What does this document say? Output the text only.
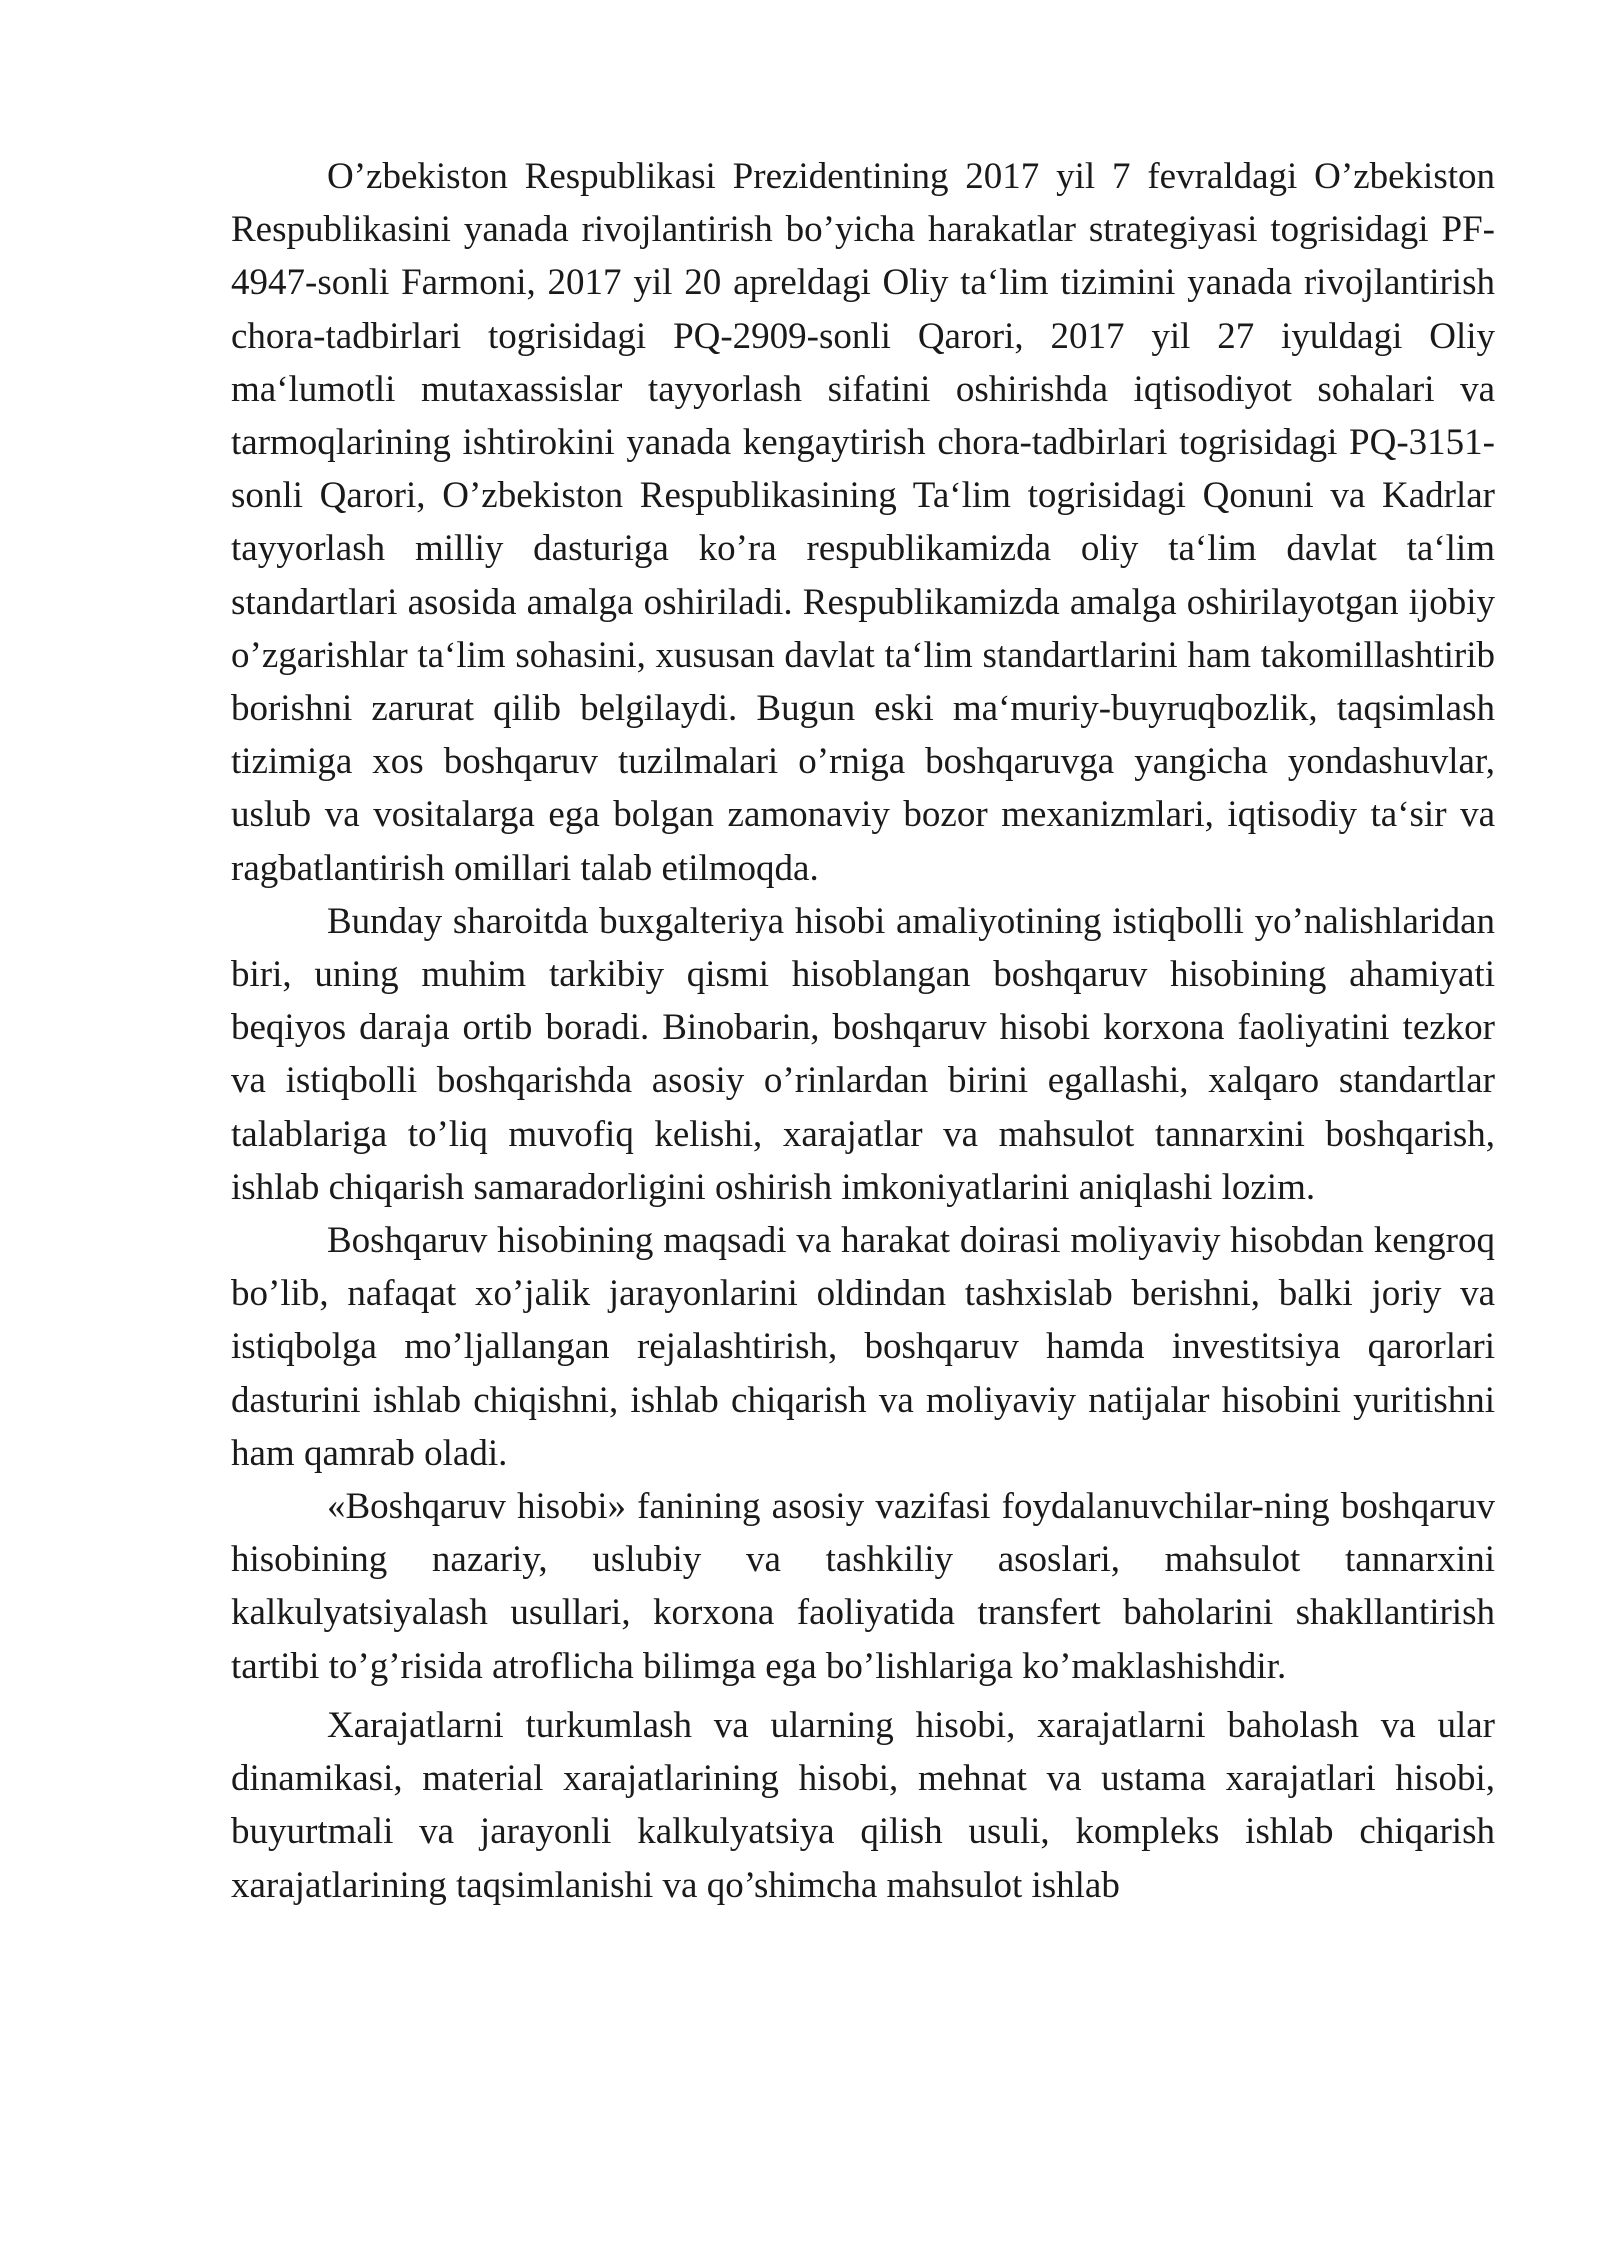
O’zbekiston Respublikasi Prezidentining 2017 yil 7 fevraldagi O’zbekiston Respublikasini yanada rivojlantirish bo’yicha harakatlar strategiyasi togrisidagi PF-4947-sonli Farmoni, 2017 yil 20 apreldagi Oliy ta‘lim tizimini yanada rivojlantirish chora-tadbirlari togrisidagi PQ-2909-sonli Qarori, 2017 yil 27 iyuldagi Oliy ma‘lumotli mutaxassislar tayyorlash sifatini oshirishda iqtisodiyot sohalari va tarmoqlarining ishtirokini yanada kengaytirish chora-tadbirlari togrisidagi PQ-3151-sonli Qarori, O’zbekiston Respublikasining Ta‘lim togrisidagi Qonuni va Kadrlar tayyorlash milliy dasturiga ko’ra respublikamizda oliy ta‘lim davlat ta‘lim standartlari asosida amalga oshiriladi. Respublikamizda amalga oshirilayotgan ijobiy o’zgarishlar ta‘lim sohasini, xususan davlat ta‘lim standartlarini ham takomillashtirib borishni zarurat qilib belgilaydi. Bugun eski ma‘muriy-buyruqbozlik, taqsimlash tizimiga xos boshqaruv tuzilmalari o’rniga boshqaruvga yangicha yondashuvlar, uslub va vositalarga ega bolgan zamonaviy bozor mexanizmlari, iqtisodiy ta‘sir va ragbatlantirish omillari talab etilmoqda.

Bunday sharoitda buxgalteriya hisobi amaliyotining istiqbolli yo’nalishlaridan biri, uning muhim tarkibiy qismi hisoblangan boshqaruv hisobining ahamiyati beqiyos daraja ortib boradi. Binobarin, boshqaruv hisobi korxona faoliyatini tezkor va istiqbolli boshqarishda asosiy o’rinlardan birini egallashi, xalqaro standartlar talablariga to’liq muvofiq kelishi, xarajatlar va mahsulot tannarxini boshqarish, ishlab chiqarish samaradorligini oshirish imkoniyatlarini aniqlashi lozim.

Boshqaruv hisobining maqsadi va harakat doirasi moliyaviy hisobdan kengroq bo’lib, nafaqat xo’jalik jarayonlarini oldindan tashxislab berishni, balki joriy va istiqbolga mo’ljallangan rejalashtirish, boshqaruv hamda investitsiya qarorlari dasturini ishlab chiqishni, ishlab chiqarish va moliyaviy natijalar hisobini yuritishni ham qamrab oladi.

«Boshqaruv hisobi» fanining asosiy vazifasi foydalanuvchilar-ning boshqaruv hisobining nazariy, uslubiy va tashkiliy asoslari, mahsulot tannarxini kalkulyatsiyalash usullari, korxona faoliyatida transfert baholarini shakllantirish tartibi to’g’risida atroflicha bilimga ega bo’lishlariga ko’maklashishdir.

Xarajatlarni turkumlash va ularning hisobi, xarajatlarni baholash va ular dinamikasi, material xarajatlarining hisobi, mehnat va ustama xarajatlari hisobi, buyurtmali va jarayonli kalkulyatsiya qilish usuli, kompleks ishlab chiqarish xarajatlarining taqsimlanishi va qo’shimcha mahsulot ishlab
